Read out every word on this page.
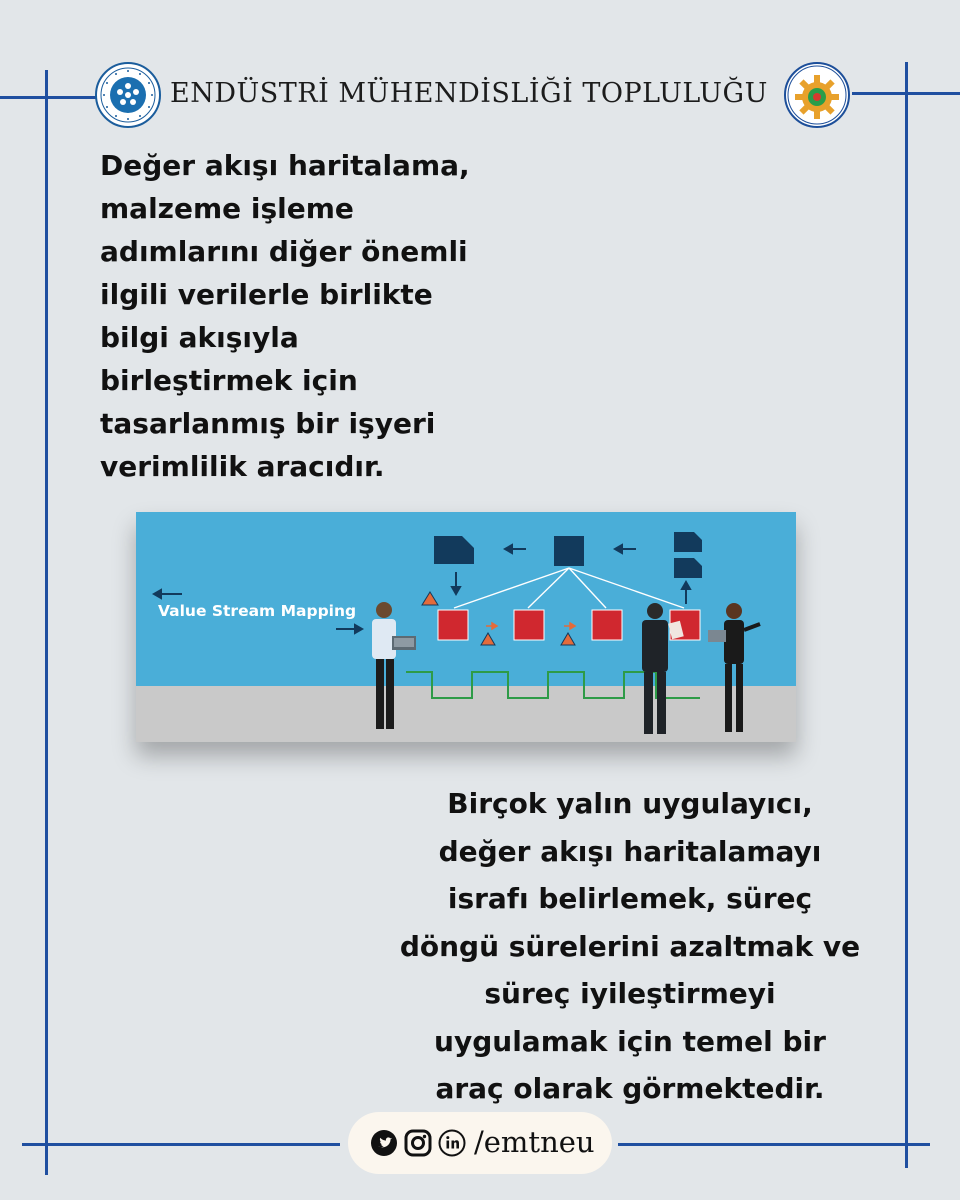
ENDÜSTRİ MÜHENDİSLİĞİ TOPLULUĞU

Değer akışı haritalama,
malzeme işleme
adımlarını diğer önemli
ilgili verilerle birlikte
bilgi akışıyla
birleştirmek için
tasarlanmış bir işyeri
verimlilik aracıdır.

Value Stream Mapping

Birçok yalın uygulayıcı,
değer akışı haritalamayı
israfı belirlemek, süreç
döngü sürelerini azaltmak ve
süreç iyileştirmeyi
uygulamak için temel bir
araç olarak görmektedir.

/emtneu
